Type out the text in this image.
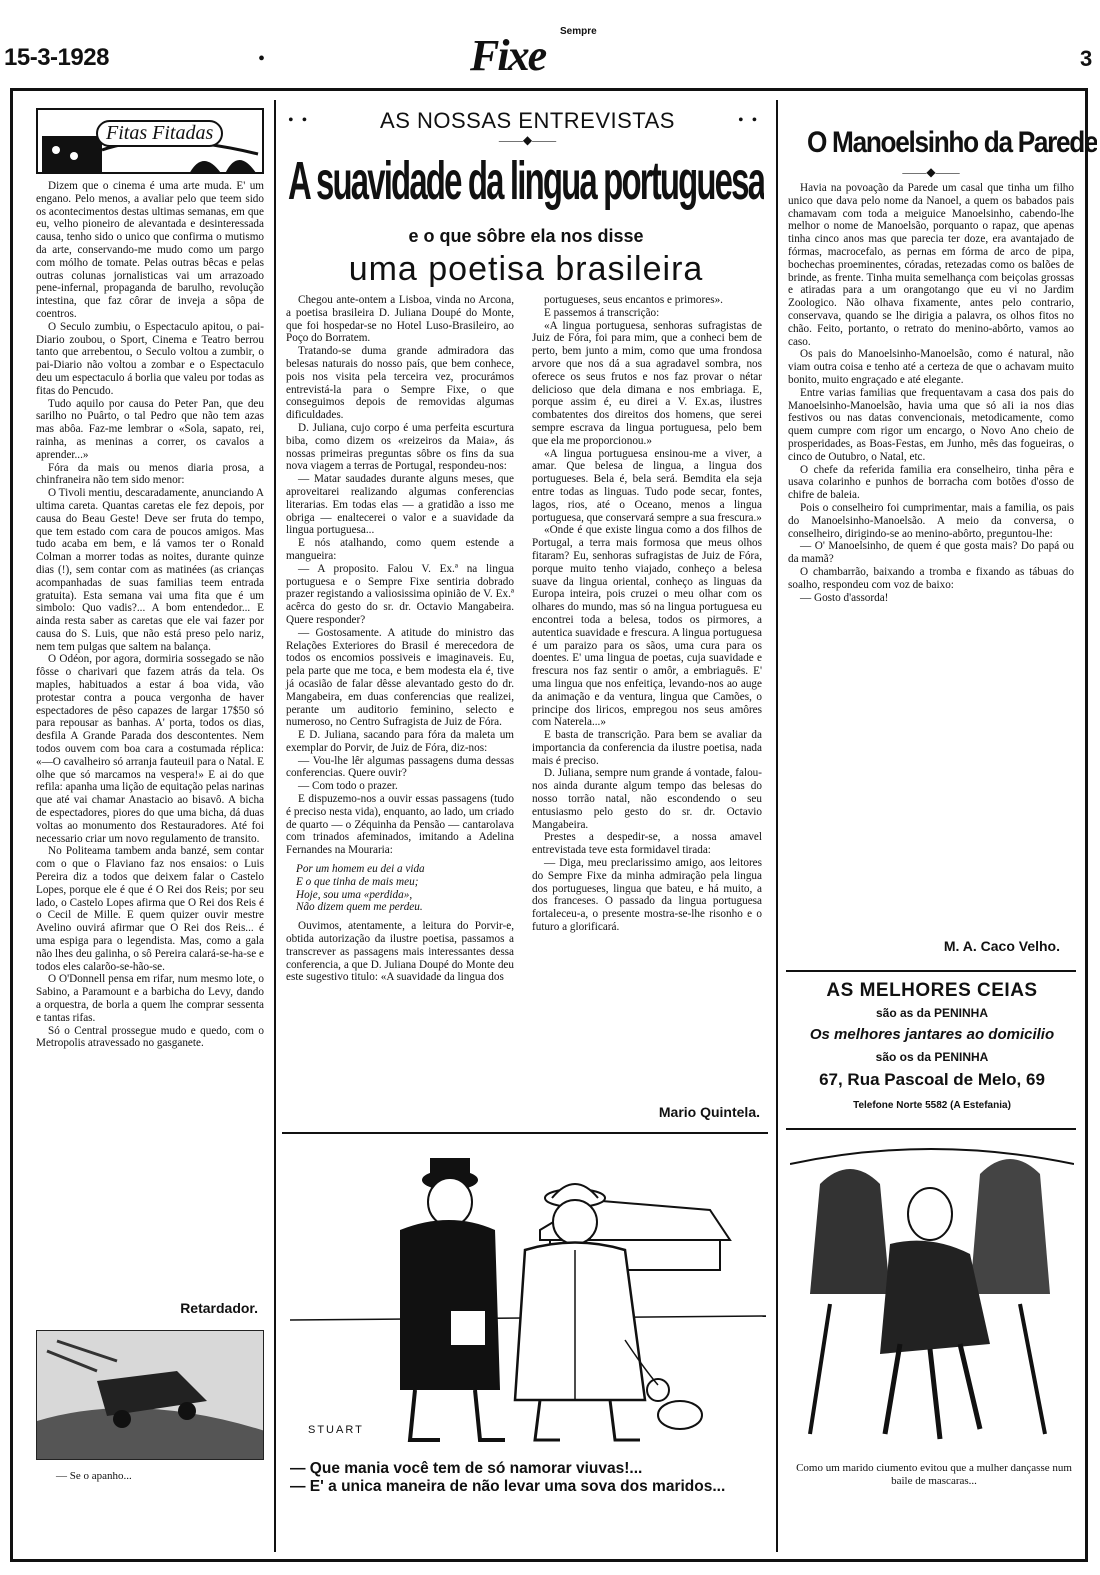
15-3-1928	•
Sempre
Fixe	3
Fitas Fitadas

Dizem que o cinema é uma arte muda. E' um engano. Pelo menos, a avaliar pelo que teem sido os acontecimentos destas ultimas semanas, em que eu, velho pioneiro de alevantada e desinteressada causa, tenho sido o unico que confirma o mutismo da arte, conservando-me mudo como um pargo com mólho de tomate. Pelas outras bêcas e pelas outras colunas jornalisticas vai um arrazoado pene-infernal, propaganda de barulho, revolução intestina, que faz côrar de inveja a sôpa de coentros.

O Seculo zumbiu, o Espectaculo apitou, o pai-Diario zoubou, o Sport, Cinema e Teatro berrou tanto que arrebentou, o Seculo voltou a zumbir, o pai-Diario não voltou a zombar e o Espectaculo deu um espectaculo á borlia que valeu por todas as fitas do Pencudo.

Tudo aquilo por causa do Peter Pan, que deu sarilho no Puârto, o tal Pedro que não tem azas mas abôa. Faz-me lembrar o «Sola, sapato, rei, rainha, as meninas a correr, os cavalos a aprender...»

Fóra da mais ou menos diaria prosa, a chinfraneira não tem sido menor:

O Tivoli mentiu, descaradamente, anunciando A ultima careta. Quantas caretas ele fez depois, por causa do Beau Geste! Deve ser fruta do tempo, que tem estado com cara de poucos amigos. Mas tudo acaba em bem, e lá vamos ter o Ronald Colman a morrer todas as noites, durante quinze dias (!), sem contar com as matinées (as crianças acompanhadas de suas familias teem entrada gratuita). Esta semana vai uma fita que é um simbolo: Quo vadis?... A bom entendedor... E ainda resta saber as caretas que ele vai fazer por causa do S. Luis, que não está preso pelo nariz, nem tem pulgas que saltem na balança.

O Odéon, por agora, dormiria sossegado se não fôsse o charivari que fazem atrás da tela. Os maples, habituados a estar á boa vida, vão protestar contra a pouca vergonha de haver espectadores de pêso capazes de largar 17$50 só para repousar as banhas. A' porta, todos os dias, desfila A Grande Parada dos descontentes. Nem todos ouvem com boa cara a costumada réplica: «—O cavalheiro só arranja fauteuil para o Natal. E olhe que só marcamos na vespera!» E ai do que refila: apanha uma lição de equitação pelas narinas que até vai chamar Anastacio ao bisavô. A bicha de espectadores, piores do que uma bicha, dá duas voltas ao monumento dos Restauradores. Até foi necessario criar um novo regulamento de transito.

No Politeama tambem anda banzé, sem contar com o que o Flaviano faz nos ensaios: o Luis Pereira diz a todos que deixem falar o Castelo Lopes, porque ele é que é O Rei dos Reis; por seu lado, o Castelo Lopes afirma que O Rei dos Reis é o Cecil de Mille. E quem quizer ouvir mestre Avelino ouvirá afirmar que O Rei dos Reis... é uma espiga para o legendista. Mas, como a gala não lhes deu galinha, o sô Pereira calará-se-ha-se e todos eles calarõo-se-hão-se.

O O'Donnell pensa em rifar, num mesmo lote, o Sabino, a Paramount e a barbicha do Levy, dando a orquestra, de borla a quem lhe comprar sessenta e tantas rifas.

Só o Central prossegue mudo e quedo, com o Metropolis atravessado no gasganete.

Retardador.
— Se o apanho...
•  •	AS NOSSAS ENTREVISTAS	•  •
——◆——
A suavidade da lingua portuguesa
e o que sôbre ela nos disse
uma poetisa brasileira

Chegou ante-ontem a Lisboa, vinda no Arcona, a poetisa brasileira D. Juliana Doupé do Monte, que foi hospedar-se no Hotel Luso-Brasileiro, ao Poço do Borratem.

Tratando-se duma grande admiradora das belesas naturais do nosso país, que bem conhece, pois nos visita pela terceira vez, procurámos entrevistá-la para o Sempre Fixe, o que conseguimos depois de removidas algumas dificuldades.

D. Juliana, cujo corpo é uma perfeita escurtura biba, como dizem os «reizeiros da Maia», ás nossas primeiras preguntas sôbre os fins da sua nova viagem a terras de Portugal, respondeu-nos:

— Matar saudades durante alguns meses, que aproveitarei realizando algumas conferencias literarias. Em todas elas — a gratidão a isso me obriga — enaltecerei o valor e a suavidade da lingua portuguesa...

E nós atalhando, como quem estende a mangueira:

— A proposito. Falou V. Ex.ª na lingua portuguesa e o Sempre Fixe sentiria dobrado prazer registando a valiosissima opinião de V. Ex.ª acêrca do gesto do sr. dr. Octavio Mangabeira. Quere responder?

— Gostosamente. A atitude do ministro das Relações Exteriores do Brasil é merecedora de todos os encomios possiveis e imaginaveis. Eu, pela parte que me toca, e bem modesta ela é, tive já ocasião de falar dêsse alevantado gesto do dr. Mangabeira, em duas conferencias que realizei, perante um auditorio feminino, selecto e numeroso, no Centro Sufragista de Juiz de Fóra.

E D. Juliana, sacando para fóra da maleta um exemplar do Porvir, de Juiz de Fóra, diz-nos:

— Vou-lhe lêr algumas passagens duma dessas conferencias. Quere ouvir?

— Com todo o prazer.

E dispuzemo-nos a ouvir essas passagens (tudo é preciso nesta vida), enquanto, ao lado, um criado de quarto — o Zéquinha da Pensão — cantarolava com trinados afeminados, imitando a Adelina Fernandes na Mouraria:

Por um homem eu dei a vida

E o que tinha de mais meu;

Hoje, sou uma «perdida»,

Não dizem quem me perdeu.

Ouvimos, atentamente, a leitura do Porvir-e, obtida autorização da ilustre poetisa, passamos a transcrever as passagens mais interessantes dessa conferencia, a que D. Juliana Doupé do Monte deu este sugestivo titulo: «A suavidade da lingua dos

portugueses, seus encantos e primores».

E passemos á transcrição:

«A lingua portuguesa, senhoras sufragistas de Juiz de Fóra, foi para mim, que a conheci bem de perto, bem junto a mim, como que uma frondosa arvore que nos dá a sua agradavel sombra, nos oferece os seus frutos e nos faz provar o nétar delicioso que dela dimana e nos embriaga. E, porque assim é, eu direi a V. Ex.as, ilustres combatentes dos direitos dos homens, que serei sempre escrava da lingua portuguesa, pelo bem que ela me proporcionou.»

«A lingua portuguesa ensinou-me a viver, a amar. Que belesa de lingua, a lingua dos portugueses. Bela é, bela será. Bemdita ela seja entre todas as linguas. Tudo pode secar, fontes, lagos, rios, até o Oceano, menos a lingua portuguesa, que conservará sempre a sua frescura.»

«Onde é que existe lingua como a dos filhos de Portugal, a terra mais formosa que meus olhos fitaram? Eu, senhoras sufragistas de Juiz de Fóra, porque muito tenho viajado, conheço a belesa suave da lingua oriental, conheço as linguas da Europa inteira, pois cruzei o meu olhar com os olhares do mundo, mas só na lingua portuguesa eu encontrei toda a belesa, todos os pirmores, a autentica suavidade e frescura. A lingua portuguesa é um paraizo para os sãos, uma cura para os doentes. E' uma lingua de poetas, cuja suavidade e frescura nos faz sentir o amôr, a embriaguês. E' uma lingua que nos enfeitiça, levando-nos ao auge da animação e da ventura, lingua que Camões, o principe dos liricos, empregou nos seus amôres com Naterela...»

E basta de transcrição. Para bem se avaliar da importancia da conferencia da ilustre poetisa, nada mais é preciso.

D. Juliana, sempre num grande á vontade, falou-nos ainda durante algum tempo das belesas do nosso torrão natal, não escondendo o seu entusiasmo pelo gesto do sr. dr. Octavio Mangabeira.

Prestes a despedir-se, a nossa amavel entrevistada teve esta formidavel tirada:

— Diga, meu preclarissimo amigo, aos leitores do Sempre Fixe da minha admiração pela lingua dos portugueses, lingua que bateu, e há muito, a dos franceses. O passado da lingua portuguesa fortaleceu-a, o presente mostra-se-lhe risonho e o futuro a glorificará.

Mario Quintela.
STUART
— Que mania você tem de só namorar viuvas!...
— E' a unica maneira de não levar uma sova dos maridos...
O Manoelsinho da Parede
——◆——

Havia na povoação da Parede um casal que tinha um filho unico que dava pelo nome da Nanoel, a quem os babados pais chamavam com toda a meiguice Manoelsinho, cabendo-lhe melhor o nome de Manoelsão, porquanto o rapaz, que apenas tinha cinco anos mas que parecia ter doze, era avantajado de fórmas, macrocefalo, as pernas em fórma de arco de pipa, bochechas proeminentes, córadas, retezadas como os balões de brinde, as frente. Tinha muita semelhança com beiçolas grossas e atiradas para a um orangotango que eu vi no Jardim Zoologico. Não olhava fixamente, antes pelo contrario, conservava, quando se lhe dirigia a palavra, os olhos fitos no chão. Feito, portanto, o retrato do menino-abôrto, vamos ao caso.

Os pais do Manoelsinho-Manoelsão, como é natural, não viam outra coisa e tenho até a certeza de que o achavam muito bonito, muito engraçado e até elegante.

Entre varias familias que frequentavam a casa dos pais do Manoelsinho-Manoelsão, havia uma que só aIi ia nos dias festivos ou nas datas convencionais, metodicamente, como quem cumpre com rigor um encargo, o Novo Ano cheio de prosperidades, as Boas-Festas, em Junho, mês das fogueiras, o cinco de Outubro, o Natal, etc.

O chefe da referida familia era conselheiro, tinha pêra e usava colarinho e punhos de borracha com botões d'osso de chifre de baleia.

Pois o conselheiro foi cumprimentar, mais a familia, os pais do Manoelsinho-Manoelsão. A meio da conversa, o conselheiro, dirigindo-se ao menino-abôrto, preguntou-lhe:

— O' Manoelsinho, de quem é que gosta mais? Do papá ou da mamã?

O chambarrão, baixando a tromba e fixando as tábuas do soalho, respondeu com voz de baixo:

— Gosto d'assorda!

M. A. Caco Velho.
AS MELHORES CEIAS
são as da PENINHA
Os melhores jantares ao domicilio
são os da PENINHA
67, Rua Pascoal de Melo, 69
Telefone Norte 5582 (A Estefania)
Como um marido ciumento evitou que a mulher dançasse num baile de mascaras...
